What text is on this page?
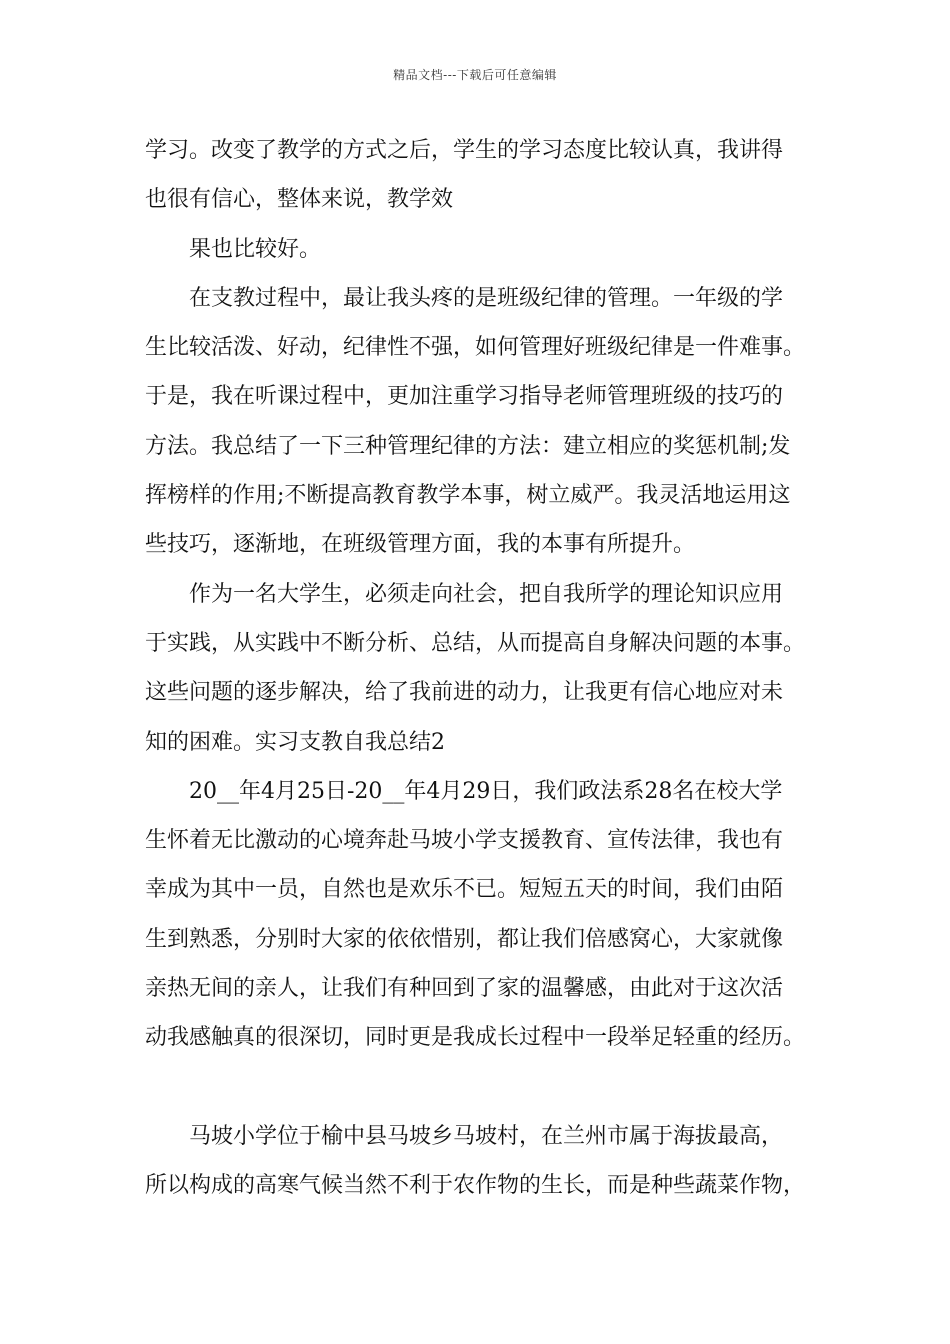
精品文档---下载后可任意编辑
学习。改变了教学的方式之后，学生的学习态度比较认真，我讲得
也很有信心，整体来说，教学效
果也比较好。
在支教过程中，最让我头疼的是班级纪律的管理。一年级的学
生比较活泼、好动，纪律性不强，如何管理好班级纪律是一件难事。
于是，我在听课过程中，更加注重学习指导老师管理班级的技巧的
方法。我总结了一下三种管理纪律的方法：建立相应的奖惩机制;发
挥榜样的作用;不断提高教育教学本事，树立威严。我灵活地运用这
些技巧，逐渐地，在班级管理方面，我的本事有所提升。
作为一名大学生，必须走向社会，把自我所学的理论知识应用
于实践，从实践中不断分析、总结，从而提高自身解决问题的本事。
这些问题的逐步解决，给了我前进的动力，让我更有信心地应对未
知的困难。实习支教自我总结2
20__年4月25日-20__年4月29日，我们政法系28名在校大学
生怀着无比激动的心境奔赴马坡小学支援教育、宣传法律，我也有
幸成为其中一员，自然也是欢乐不已。短短五天的时间，我们由陌
生到熟悉，分别时大家的依依惜别，都让我们倍感窝心，大家就像
亲热无间的亲人，让我们有种回到了家的温馨感，由此对于这次活
动我感触真的很深切，同时更是我成长过程中一段举足轻重的经历。
马坡小学位于榆中县马坡乡马坡村，在兰州市属于海拔最高，
所以构成的高寒气候当然不利于农作物的生长，而是种些蔬菜作物，
